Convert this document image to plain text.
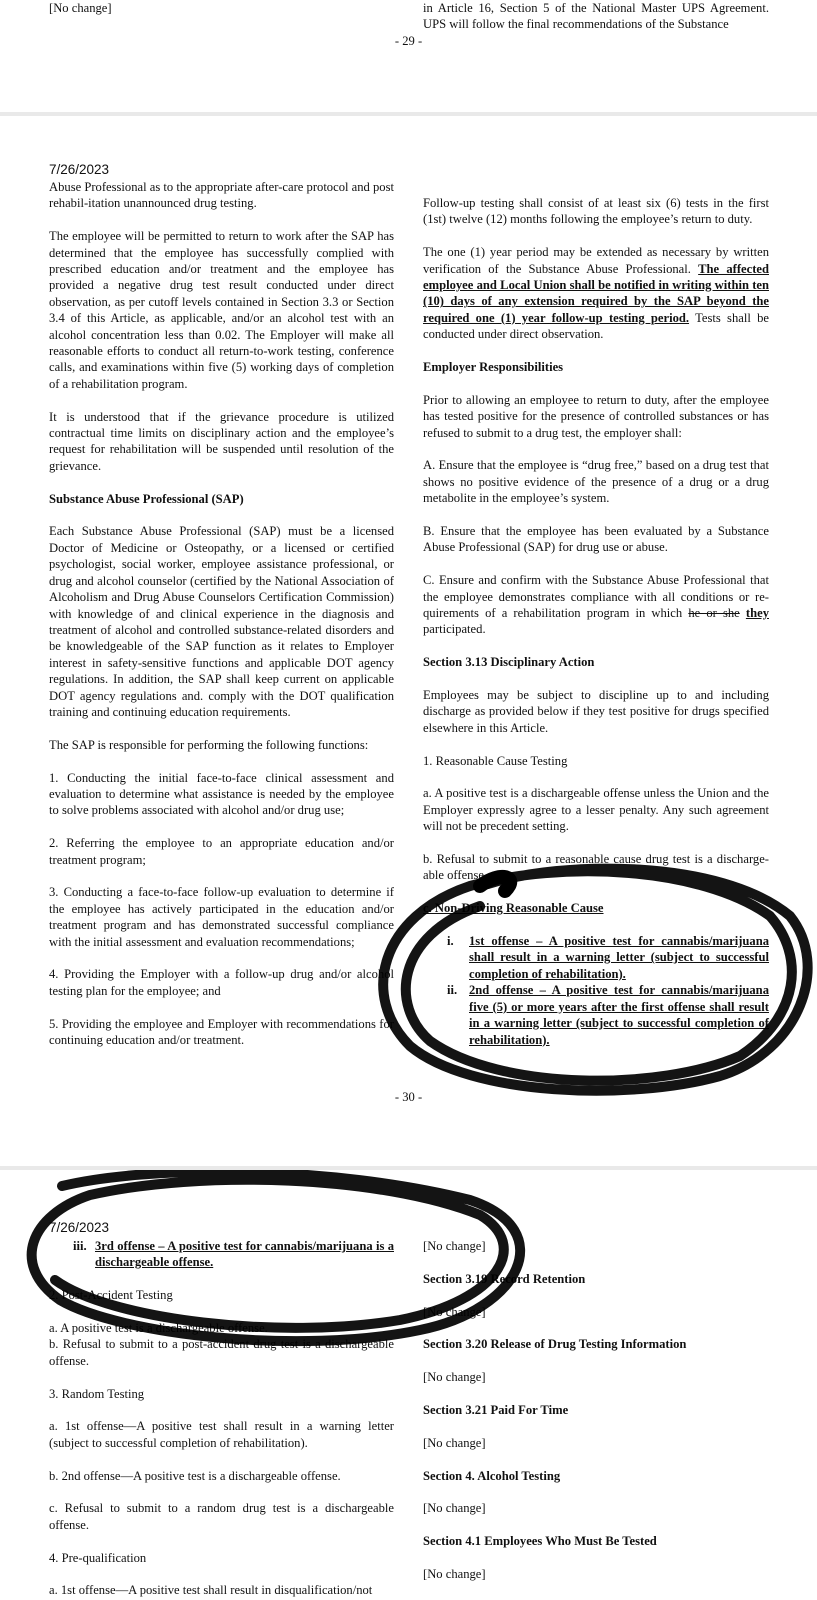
[No change]	in Article 16, Section 5 of the National Master UPS Agreement. UPS will follow the final recommendations of the Substance
- 29 -
7/26/2023

Abuse Professional as to the appropriate after-care protocol and post rehabil-itation unannounced drug testing.

The employee will be permitted to return to work after the SAP has determined that the employee has successfully complied with prescribed education and/or treatment and the employee has provided a negative drug test result conducted under direct observation, as per cutoff levels contained in Section 3.3 or Section 3.4 of this Article, as applicable, and/or an alcohol test with an alcohol concentration less than 0.02. The Employer will make all reasonable efforts to conduct all return-to-work testing, conference calls, and examinations within five (5) working days of completion of a rehabilitation program.

It is understood that if the grievance procedure is utilized contractual time limits on disciplinary action and the employee’s request for rehabilitation will be suspended until resolution of the grievance.

Substance Abuse Professional (SAP)

Each Substance Abuse Professional (SAP) must be a licensed Doctor of Medicine or Osteopathy, or a licensed or certified psychologist, social worker, employee assistance professional, or drug and alcohol counselor (certified by the National Association of Alcoholism and Drug Abuse Counselors Certification Commission) with knowledge of and clinical experience in the diagnosis and treatment of alcohol and controlled substance-related disorders and be knowledgeable of the SAP function as it relates to Employer interest in safety-sensitive functions and applicable DOT agency regulations. In addition, the SAP shall keep current on applicable DOT agency regulations and. comply with the DOT qualification training and continuing education requirements.

The SAP is responsible for performing the following functions:

1. Conducting the initial face-to-face clinical assessment and evaluation to determine what assistance is needed by the employee to solve problems associated with alcohol and/or drug use;

2. Referring the employee to an appropriate education and/or treatment program;

3. Conducting a face-to-face follow-up evaluation to determine if the employee has actively participated in the education and/or treatment program and has demonstrated successful compliance with the initial assessment and evaluation recommendations;

4. Providing the Employer with a follow-up drug and/or alcohol testing plan for the employee; and

5. Providing the employee and Employer with recommendations for continuing education and/or treatment.

Follow-up testing shall consist of at least six (6) tests in the first (1st) twelve (12) months following the employee’s return to duty.

The one (1) year period may be extended as necessary by written verification of the Substance Abuse Professional. The affected employee and Local Union shall be notified in writing within ten (10) days of any extension required by the SAP beyond the required one (1) year follow-up testing period. Tests shall be conducted under direct observation.

Employer Responsibilities

Prior to allowing an employee to return to duty, after the employee has tested positive for the presence of controlled substances or has refused to submit to a drug test, the employer shall:

A. Ensure that the employee is “drug free,” based on a drug test that shows no positive evidence of the presence of a drug or a drug metabolite in the employee’s system.

B. Ensure that the employee has been evaluated by a Substance Abuse Professional (SAP) for drug use or abuse.

C. Ensure and confirm with the Substance Abuse Professional that the employee demonstrates compliance with all conditions or re-quirements of a rehabilitation program in which he or she they participated.

Section 3.13 Disciplinary Action

Employees may be subject to discipline up to and including discharge as provided below if they test positive for drugs specified elsewhere in this Article.

1. Reasonable Cause Testing

a. A positive test is a dischargeable offense unless the Union and the Employer expressly agree to a lesser penalty. Any such agreement will not be precedent setting.

b. Refusal to submit to a reasonable cause drug test is a discharge-able offense.

c. Non-Driving Reasonable Cause

i.	1st offense – A positive test for cannabis/marijuana shall result in a warning letter (subject to successful completion of rehabilitation).
ii. 2nd offense – A positive test for cannabis/marijuana five (5) or more years after the first offense shall result in a warning letter (subject to successful completion of rehabilitation).
- 30 -
7/26/2023
iii. 3rd offense – A positive test for cannabis/marijuana is a dischargeable offense.

2. Post-Accident Testing

a. A positive test is a dischargeable offense.

b. Refusal to submit to a post-accident drug test is a dischargeable offense.

3. Random Testing

a. 1st offense—A positive test shall result in a warning letter (subject to successful completion of rehabilitation).

b. 2nd offense—A positive test is a dischargeable offense.

c. Refusal to submit to a random drug test is a dischargeable offense.

4. Pre-qualification

a. 1st offense—A positive test shall result in disqualification/not

[No change]

Section 3.19 Record Retention

[No change]

Section 3.20 Release of Drug Testing Information

[No change]

Section 3.21 Paid For Time

[No change]

Section 4. Alcohol Testing

[No change]

Section 4.1 Employees Who Must Be Tested

[No change]
